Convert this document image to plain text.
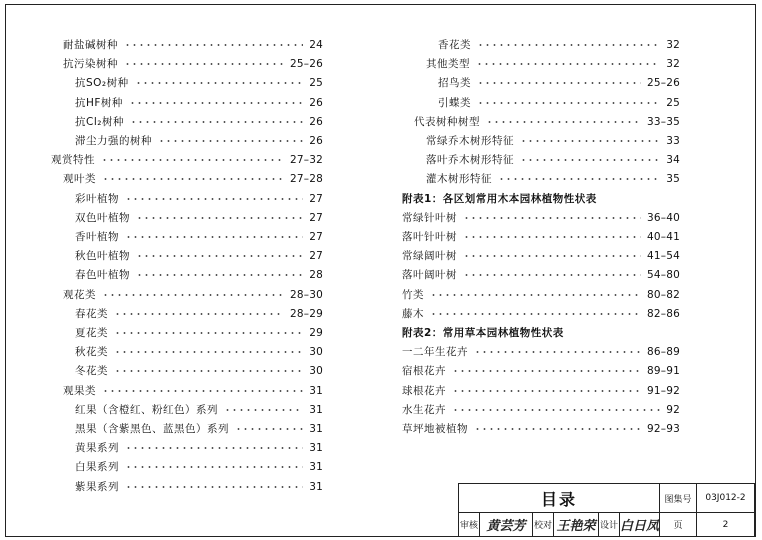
耐盐碱树种	24
抗污染树种	25–26
抗SO₂树种	25
抗HF树种	26
抗Cl₂树种	26
滞尘力强的树种	26
观赏特性	27–32
观叶类	27–28
彩叶植物	27
双色叶植物	27
香叶植物	27
秋色叶植物	27
春色叶植物	28
观花类	28–30
春花类	28–29
夏花类	29
秋花类	30
冬花类	30
观果类	31
红果（含橙红、粉红色）系列	31
黑果（含紫黑色、蓝黑色）系列	31
黄果系列	31
白果系列	31
紫果系列	31
香花类	32
其他类型	32
招鸟类	25–26
引蝶类	25
代表树种树型	33–35
常绿乔木树形特征	33
落叶乔木树形特征	34
灌木树形特征	35
附表1：各区划常用木本园林植物性状表
常绿针叶树	36–40
落叶针叶树	40–41
常绿阔叶树	41–54
落叶阔叶树	54–80
竹类	80–82
藤木	82–86
附表2：常用草本园林植物性状表
一二年生花卉	86–89
宿根花卉	89–91
球根花卉	91–92
水生花卉	92
草坪地被植物	92–93
目录	图集号 03J012-2
审核 黄芸芳 校对 王艳荣 设计 白日凤 页	2
